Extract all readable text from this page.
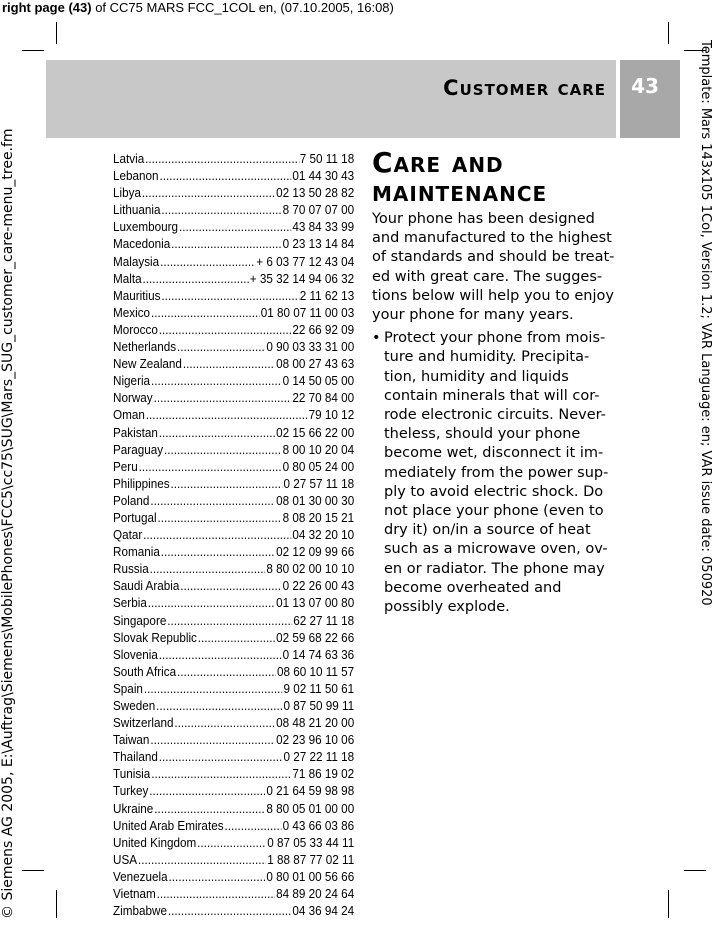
right page (43) of CC75 MARS FCC_1COL en, (07.10.2005, 16:08)
Customer care	43	Template: Mars 143x105 1Col, Version 1.2; VAR Language: en; VAR issue date: 050920
© Siemens AG 2005, E:\Auftrag\Siemens\MobilePhones\FCC5\cc75\SUG\Mars_SUG_customer_care-menu_tree.fm	Latvia .....	7 50 11 18
Lebanon .....	01 44 30 43
Libya .....	02 13 50 28 82
Lithuania .....	8 70 07 07 00
Luxembourg .....	43 84 33 99
Macedonia .....	0 23 13 14 84
Malaysia .....	+ 6 03 77 12 43 04
Malta .....	+ 35 32 14 94 06 32
Mauritius .....	2 11 62 13
Mexico .....	01 80 07 11 00 03
Morocco .....	22 66 92 09
Netherlands .....	0 90 03 33 31 00
New Zealand .....	08 00 27 43 63
Nigeria .....	0 14 50 05 00
Norway .....	22 70 84 00
Oman .....	79 10 12
Pakistan .....	02 15 66 22 00
Paraguay .....	8 00 10 20 04
Peru .....	0 80 05 24 00
Philippines .....	0 27 57 11 18
Poland .....	08 01 30 00 30
Portugal .....	8 08 20 15 21
Qatar .....	04 32 20 10
Romania .....	02 12 09 99 66
Russia .....	8 80 02 00 10 10
Saudi Arabia .....	0 22 26 00 43
Serbia .....	01 13 07 00 80
Singapore .....	62 27 11 18
Slovak Republic .....	02 59 68 22 66
Slovenia .....	0 14 74 63 36
South Africa .....	08 60 10 11 57
Spain .....	9 02 11 50 61
Sweden .....	0 87 50 99 11
Switzerland .....	08 48 21 20 00
Taiwan .....	02 23 96 10 06
Thailand .....	0 27 22 11 18
Tunisia .....	71 86 19 02
Turkey .....	0 21 64 59 98 98
Ukraine .....	8 80 05 01 00 00
United Arab Emirates .....	0 43 66 03 86
United Kingdom .....	0 87 05 33 44 11
USA .....	1 88 87 77 02 11
Venezuela .....	0 80 01 00 56 66
Vietnam .....	84 89 20 24 64
Zimbabwe .....	04 36 94 24
Care and maintenance

Your phone has been designed and manufactured to the highest of standards and should be treat-ed with great care. The sugges-tions below will help you to enjoy your phone for many years.

• Protect your phone from mois-ture and humidity. Precipita-tion, humidity and liquids contain minerals that will cor-rode electronic circuits. Never-theless, should your phone become wet, disconnect it im-mediately from the power sup-ply to avoid electric shock. Do not place your phone (even to dry it) on/in a source of heat such as a microwave oven, ov-en or radiator. The phone may become overheated and possibly explode.
